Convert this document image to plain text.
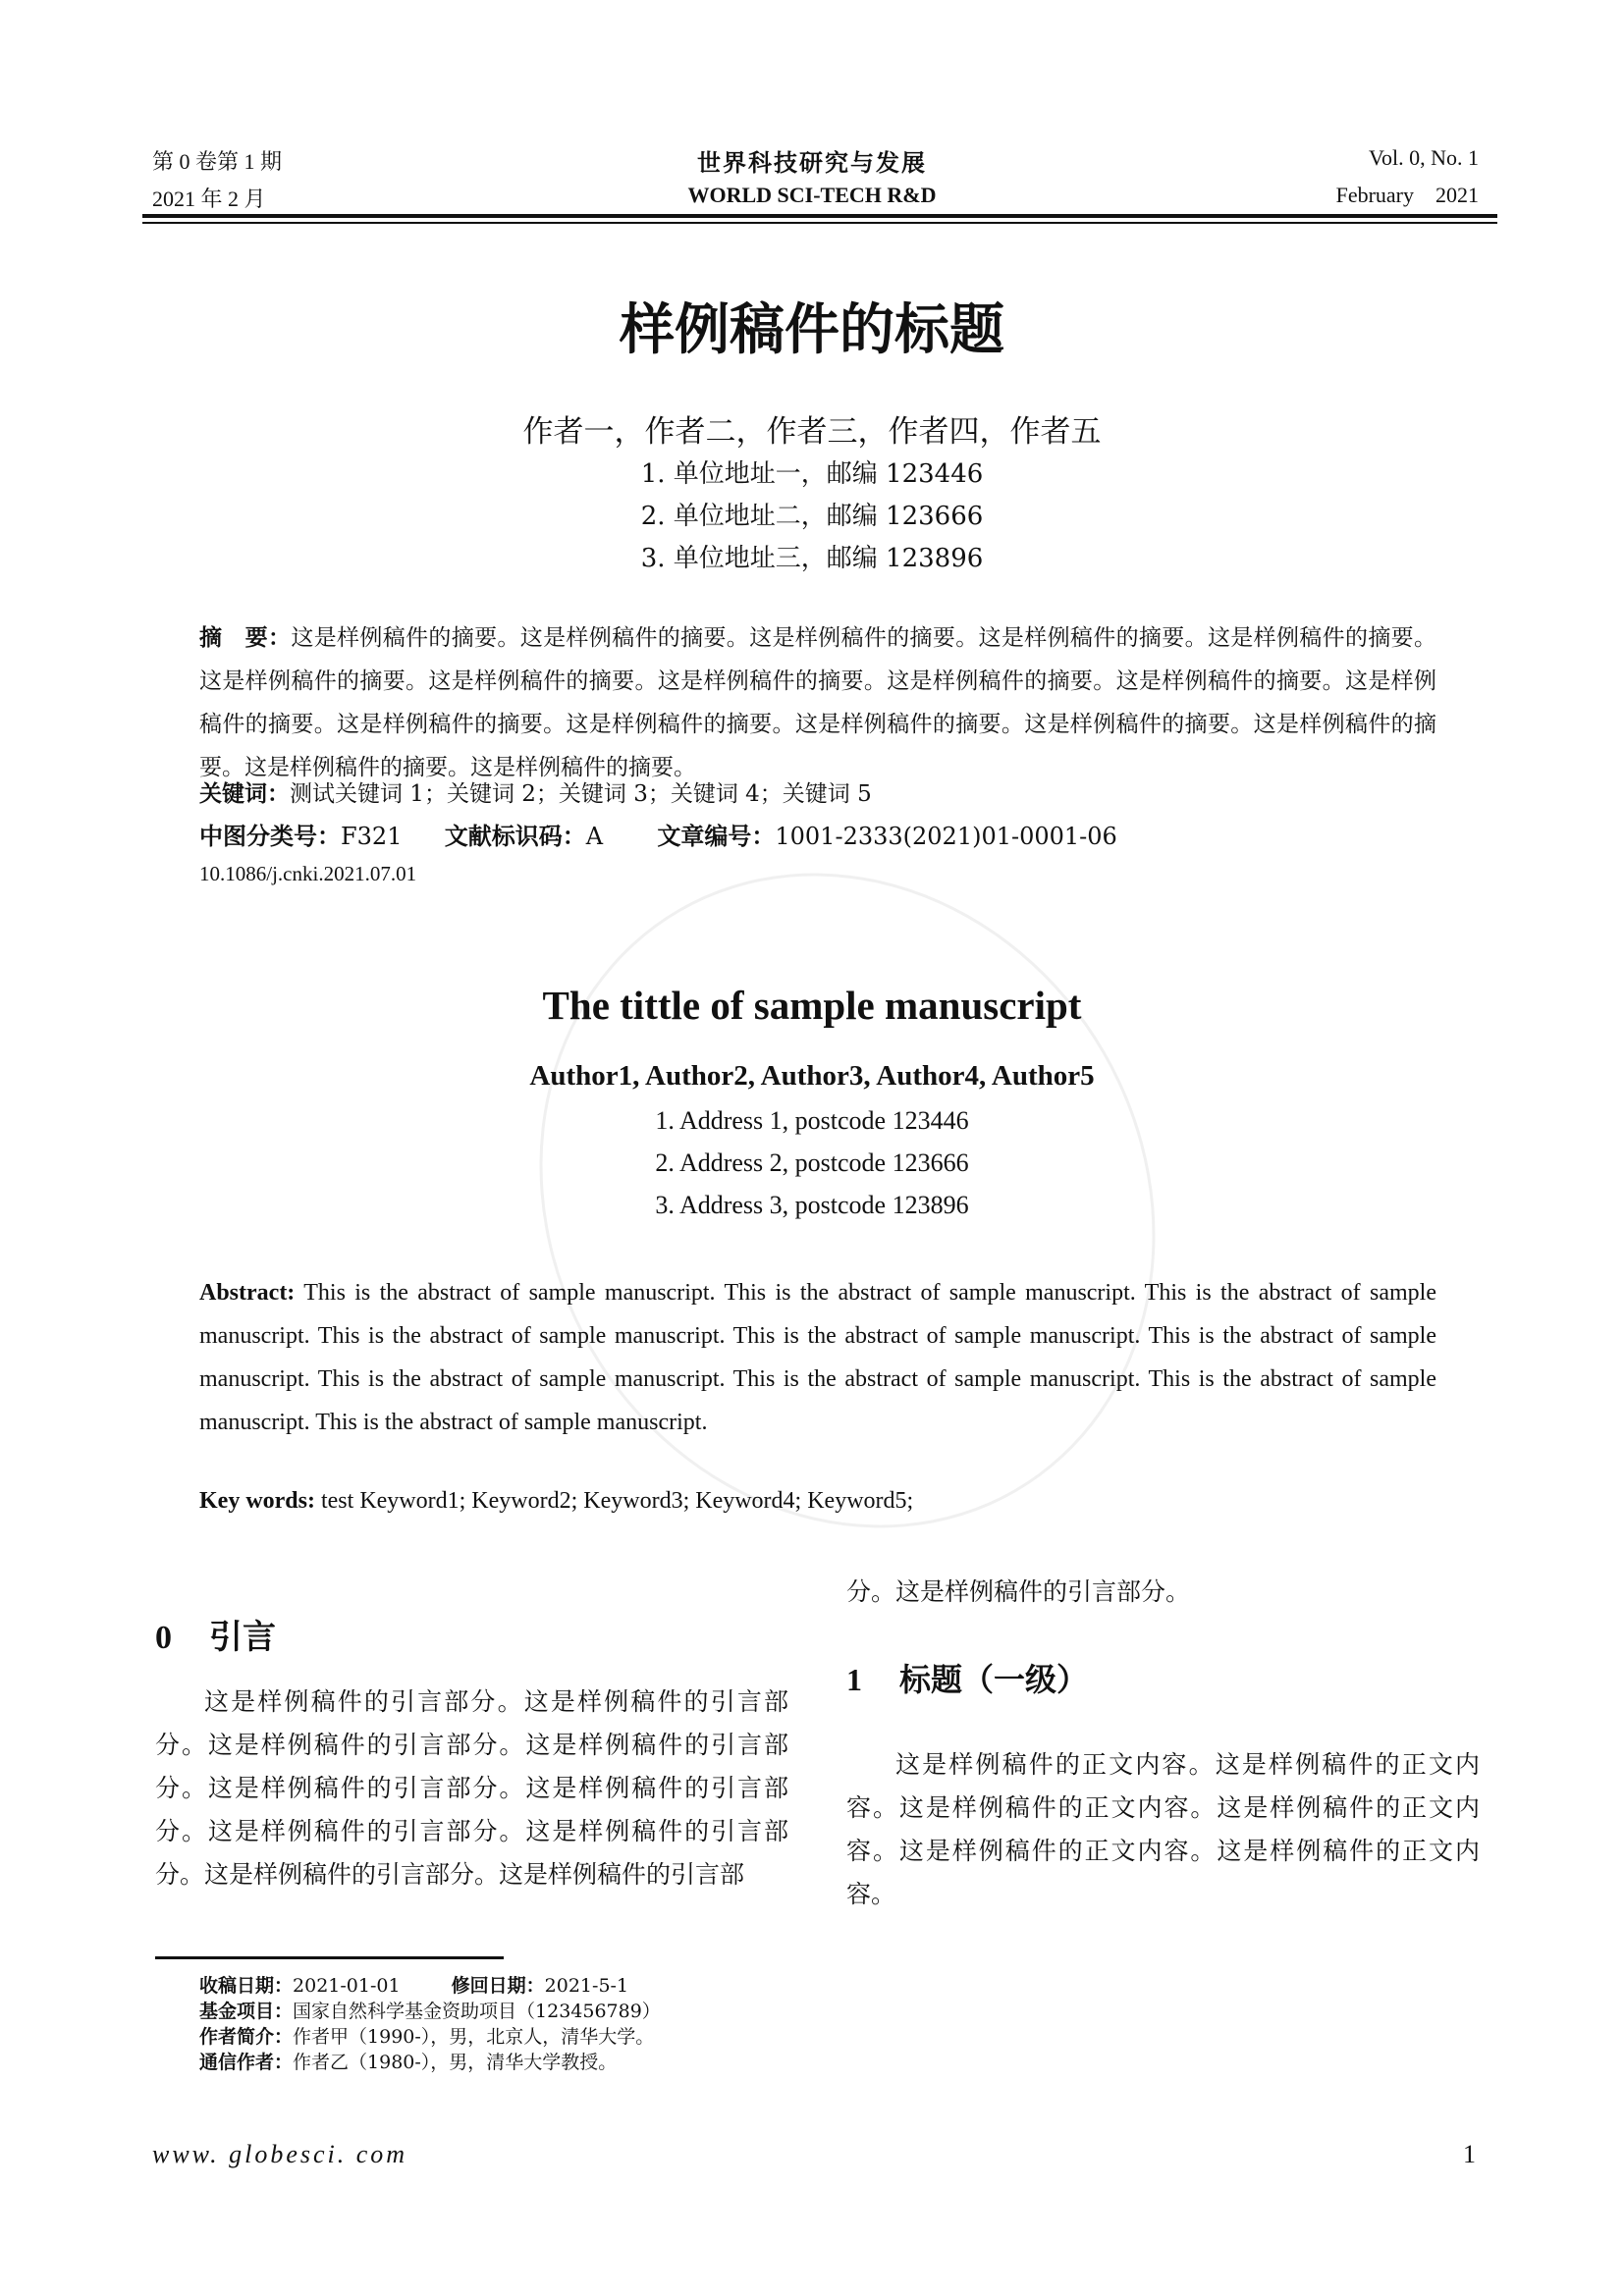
第 0 卷第 1 期
2021 年 2 月
世界科技研究与发展
WORLD SCI-TECH R&D
Vol. 0, No. 1
February    2021
样例稿件的标题
作者一，作者二，作者三，作者四，作者五
1. 单位地址一，邮编 123446
2. 单位地址二，邮编 123666
3. 单位地址三，邮编 123896
摘　要：这是样例稿件的摘要。这是样例稿件的摘要。这是样例稿件的摘要。这是样例稿件的摘要。这是样例稿件的摘要。这是样例稿件的摘要。这是样例稿件的摘要。这是样例稿件的摘要。这是样例稿件的摘要。这是样例稿件的摘要。这是样例稿件的摘要。这是样例稿件的摘要。这是样例稿件的摘要。这是样例稿件的摘要。这是样例稿件的摘要。这是样例稿件的摘要。这是样例稿件的摘要。这是样例稿件的摘要。
关键词：测试关键词 1；关键词 2；关键词 3；关键词 4；关键词 5
中图分类号：F321 文献标识码：A 文章编号：1001-2333(2021)01-0001-06
10.1086/j.cnki.2021.07.01
The tittle of sample manuscript
Author1, Author2, Author3, Author4, Author5
1. Address 1, postcode 123446
2. Address 2, postcode 123666
3. Address 3, postcode 123896
Abstract: This is the abstract of sample manuscript. This is the abstract of sample manuscript. This is the abstract of sample manuscript. This is the abstract of sample manuscript. This is the abstract of sample manuscript. This is the abstract of sample manuscript. This is the abstract of sample manuscript. This is the abstract of sample manuscript. This is the abstract of sample manuscript. This is the abstract of sample manuscript.
Key words: test Keyword1; Keyword2; Keyword3; Keyword4; Keyword5;
0 引言
这是样例稿件的引言部分。这是样例稿件的引言部分。这是样例稿件的引言部分。这是样例稿件的引言部分。这是样例稿件的引言部分。这是样例稿件的引言部分。这是样例稿件的引言部分。这是样例稿件的引言部分。这是样例稿件的引言部分。这是样例稿件的引言部
分。这是样例稿件的引言部分。
1 标题（一级）
这是样例稿件的正文内容。这是样例稿件的正文内容。这是样例稿件的正文内容。这是样例稿件的正文内容。这是样例稿件的正文内容。这是样例稿件的正文内容。
收稿日期：2021-01-01	修回日期：2021-5-1
基金项目：国家自然科学基金资助项目（123456789）
作者简介：作者甲（1990-），男，北京人，清华大学。
通信作者：作者乙（1980-），男，清华大学教授。
www. globesci. com	1
